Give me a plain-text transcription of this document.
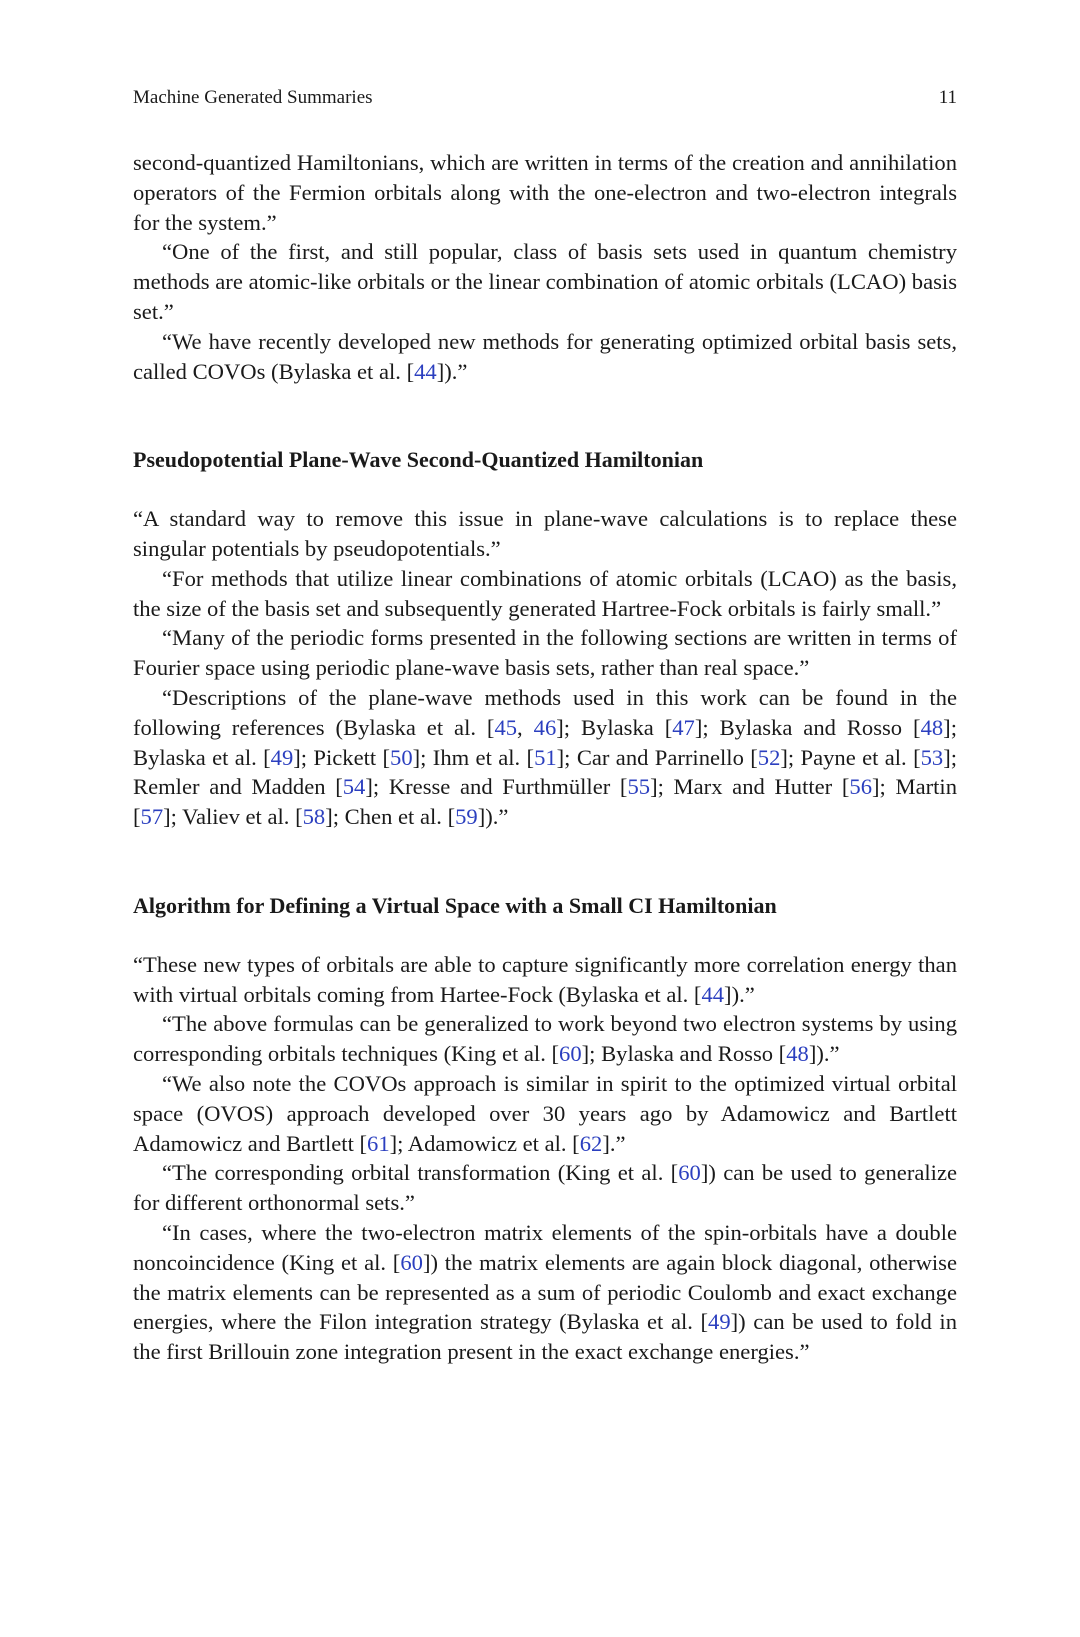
Machine Generated Summaries	11

second-quantized Hamiltonians, which are written in terms of the creation and annihilation operators of the Fermion orbitals along with the one-electron and two-electron integrals for the system.”

“One of the first, and still popular, class of basis sets used in quantum chemistry methods are atomic-like orbitals or the linear combination of atomic orbitals (LCAO) basis set.”

“We have recently developed new methods for generating optimized orbital basis sets, called COVOs (Bylaska et al. [44]).”

Pseudopotential Plane-Wave Second-Quantized Hamiltonian

“A standard way to remove this issue in plane-wave calculations is to replace these singular potentials by pseudopotentials.”

“For methods that utilize linear combinations of atomic orbitals (LCAO) as the basis, the size of the basis set and subsequently generated Hartree-Fock orbitals is fairly small.”

“Many of the periodic forms presented in the following sections are written in terms of Fourier space using periodic plane-wave basis sets, rather than real space.”

“Descriptions of the plane-wave methods used in this work can be found in the following references (Bylaska et al. [45, 46]; Bylaska [47]; Bylaska and Rosso [48]; Bylaska et al. [49]; Pickett [50]; Ihm et al. [51]; Car and Parrinello [52]; Payne et al. [53]; Remler and Madden [54]; Kresse and Furthmüller [55]; Marx and Hutter [56]; Martin [57]; Valiev et al. [58]; Chen et al. [59]).”

Algorithm for Defining a Virtual Space with a Small CI Hamiltonian

“These new types of orbitals are able to capture significantly more correlation energy than with virtual orbitals coming from Hartee-Fock (Bylaska et al. [44]).”

“The above formulas can be generalized to work beyond two electron systems by using corresponding orbitals techniques (King et al. [60]; Bylaska and Rosso [48]).”

“We also note the COVOs approach is similar in spirit to the optimized virtual orbital space (OVOS) approach developed over 30 years ago by Adamowicz and Bartlett Adamowicz and Bartlett [61]; Adamowicz et al. [62].”

“The corresponding orbital transformation (King et al. [60]) can be used to generalize for different orthonormal sets.”

“In cases, where the two-electron matrix elements of the spin-orbitals have a double noncoincidence (King et al. [60]) the matrix elements are again block diagonal, otherwise the matrix elements can be represented as a sum of periodic Coulomb and exact exchange energies, where the Filon integration strategy (Bylaska et al. [49]) can be used to fold in the first Brillouin zone integration present in the exact exchange energies.”
